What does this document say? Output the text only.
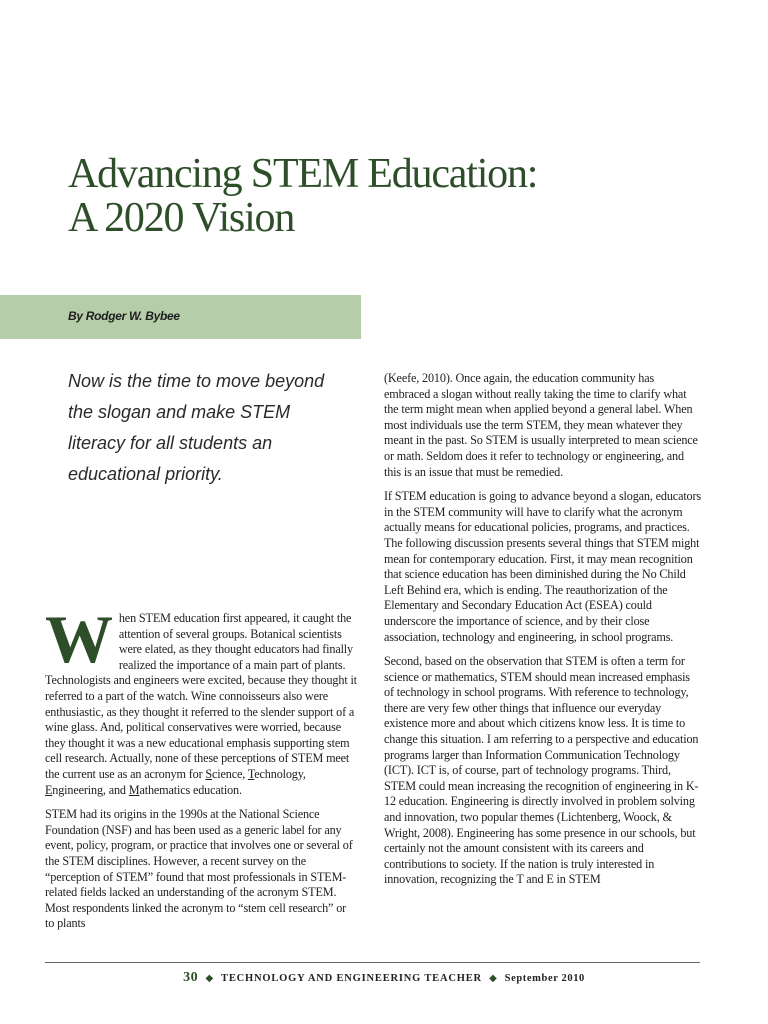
Advancing STEM Education:
A 2020 Vision

By Rodger W. Bybee

Now is the time to move beyond the slogan and make STEM literacy for all students an educational priority.

When STEM education first appeared, it caught the attention of several groups. Botanical scientists were elated, as they thought educators had finally realized the importance of a main part of plants. Technologists and engineers were excited, because they thought it referred to a part of the watch. Wine connoisseurs also were enthusiastic, as they thought it referred to the slender support of a wine glass. And, political conservatives were worried, because they thought it was a new educational emphasis supporting stem cell research. Actually, none of these perceptions of STEM meet the current use as an acronym for Science, Technology, Engineering, and Mathematics education.

STEM had its origins in the 1990s at the National Science Foundation (NSF) and has been used as a generic label for any event, policy, program, or practice that involves one or several of the STEM disciplines. However, a recent survey on the “perception of STEM” found that most professionals in STEM-related fields lacked an understanding of the acronym STEM. Most respondents linked the acronym to “stem cell research” or to plants

(Keefe, 2010). Once again, the education community has embraced a slogan without really taking the time to clarify what the term might mean when applied beyond a general label. When most individuals use the term STEM, they mean whatever they meant in the past. So STEM is usually interpreted to mean science or math. Seldom does it refer to technology or engineering, and this is an issue that must be remedied.

If STEM education is going to advance beyond a slogan, educators in the STEM community will have to clarify what the acronym actually means for educational policies, programs, and practices. The following discussion presents several things that STEM might mean for contemporary education. First, it may mean recognition that science education has been diminished during the No Child Left Behind era, which is ending. The reauthorization of the Elementary and Secondary Education Act (ESEA) could underscore the importance of science, and by their close association, technology and engineering, in school programs.

Second, based on the observation that STEM is often a term for science or mathematics, STEM should mean increased emphasis of technology in school programs. With reference to technology, there are very few other things that influence our everyday existence more and about which citizens know less. It is time to change this situation. I am referring to a perspective and education programs larger than Information Communication Technology (ICT). ICT is, of course, part of technology programs. Third, STEM could mean increasing the recognition of engineering in K-12 education. Engineering is directly involved in problem solving and innovation, two popular themes (Lichtenberg, Woock, & Wright, 2008). Engineering has some presence in our schools, but certainly not the amount consistent with its careers and contributions to society. If the nation is truly interested in innovation, recognizing the T and E in STEM

30 ◆ TECHNOLOGY AND ENGINEERING TEACHER ◆ September 2010
